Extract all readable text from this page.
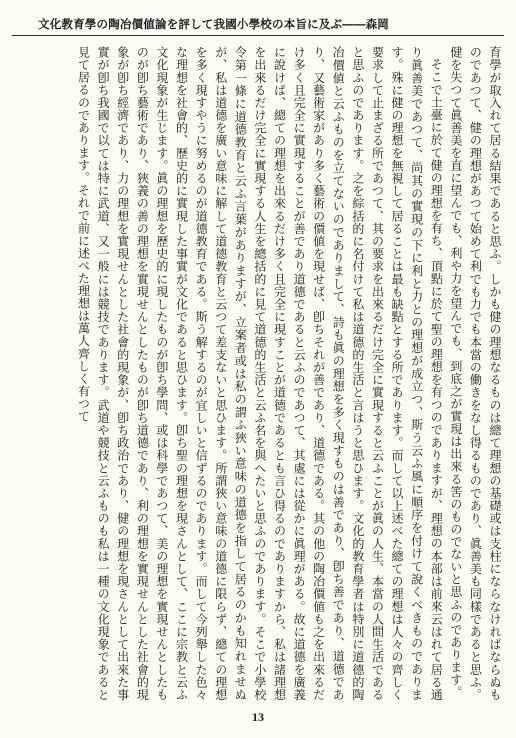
文化教育學の陶冶價値論を評して我國小學校の本旨に及ぶ――森岡

育學が取入れて居る結果であると思ふ。しかも健の理想なるものは總て理想の基礎或は支柱にならなければならぬものであつて、健の理想があつて始めて利でも力でも本當の働きをなし得るものであり、眞善美も同樣であると思ふ。健を失つて眞善美を直に望んでも、利や力を望んでも、到底之が實現は出來る筈のものでないと思ふのであります。

そこで土臺に於て健の理想を有ち、頂點に於て聖の理想を有つのでありますが、理想の本部は前來云はれて居る通り眞善美であつて、尚其の實現の下に利と力との理想が成立つ、斯う云ふ風に順序を付けて說くべきものであります。殊に健の理想を無視して居ることは最も缺點とする所であります。而して以上述べた總ての理想は人々の齊しく要求して止まざる所であつて、其の要求を出來るだけ完全に實現すると云ふことが眞の人生、本當の人間生活であると思ふのであります。之を綜括的に名付けて私は道德的生活と言はうと思ひます。文化的教育學者は特別に道德的陶冶價値と云ふものを立てないのでありまして、詩も眞の理想を多く現すものは善であり、卽ち善であり、道德であり、又藝術家があり多く藝術の價値を現せば、卽ちそれが善であり、道德である。其の他の陶冶價値も之を出來るだけ多く且完全に實現することが善であり道德であると云ふのであつて、其處には從かに眞理がある。故に道德を廣義に說けば、總ての理想を出來るだけ多く且完全に現すことが道德であるとも言ひ得るのでありますから、私は諸理想を出來るだけ完全に實現する人生を總括的に見て道德的生活と云ふ名を與へたいと思ふのであります。そこで小學校令第一條に道德教育と云ふ言葉がありますが、立案者或は私の謂ふ狹い意味の道德を指して居るのかも知れませぬが、私は道德を廣い意味に解して道德教育と云つて差支ないと思ひます。所謂狹い意味の道德に限らず、總ての理想を多く現すやうに努めるのが道德教育である。斯う解するのが宜しいと信ずるのであります。而して今列舉した色々な理想を社會的、歷史的に實現した事實が文化であると思ひます。卽ち聖の理想を現さんとして、ここに宗教と云ふ文化現象が生じます。眞の理想を歷史的に現したものが卽ち學問、或は科學であつて、美の理想を實現せんとしたものが卽ち藝術であり、狹義の善の理想を實現せんとしたものが卽ち道德であり、利の理想を實現せんとした社會的現象が卽ち經濟であり、力の理想を實現せんとした社會的現象が、卽ち政治であり、健の理想を現さんとして出來た事實が卽ち我國で以ては特に武道、又一般には競技であります。武道や競技と云ふものも私は一種の文化現象であると見て居るのであります。それで前に述べた理想は萬人齊しく有つて

13
